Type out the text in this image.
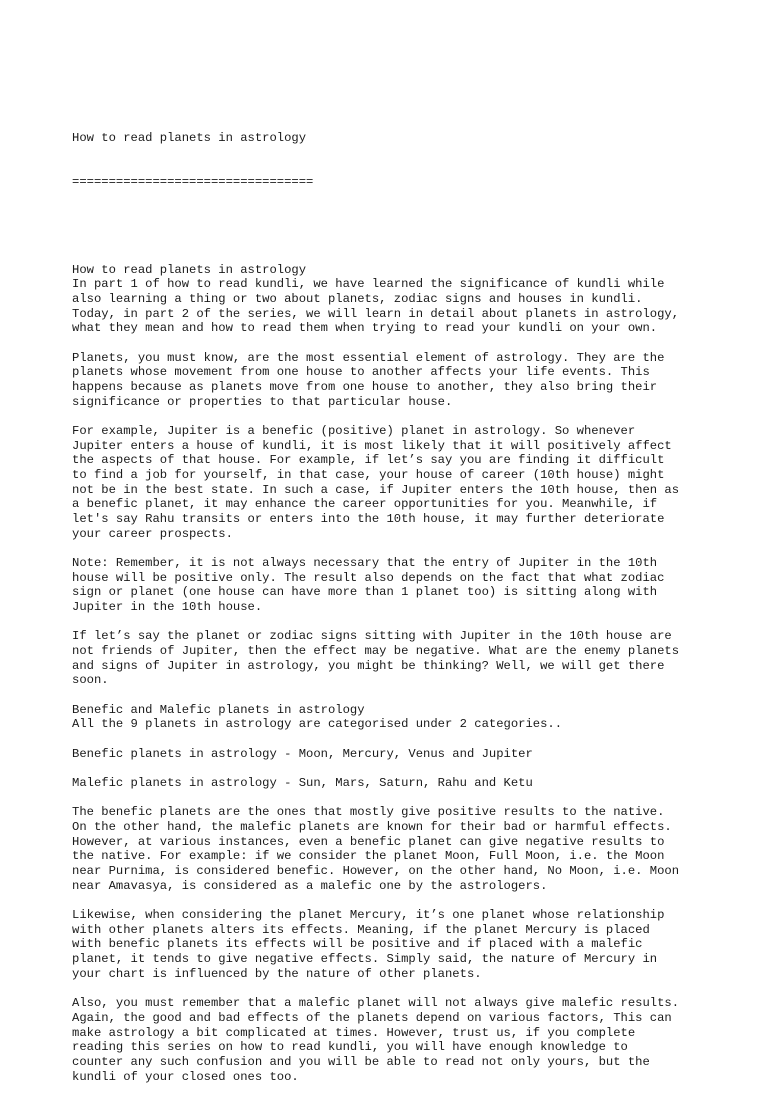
How to read planets in astrology

=================================

How to read planets in astrology
In part 1 of how to read kundli, we have learned the significance of kundli while
also learning a thing or two about planets, zodiac signs and houses in kundli.
Today, in part 2 of the series, we will learn in detail about planets in astrology,
what they mean and how to read them when trying to read your kundli on your own.
Planets, you must know, are the most essential element of astrology. They are the
planets whose movement from one house to another affects your life events. This
happens because as planets move from one house to another, they also bring their
significance or properties to that particular house.
For example, Jupiter is a benefic (positive) planet in astrology. So whenever
Jupiter enters a house of kundli, it is most likely that it will positively affect
the aspects of that house. For example, if let’s say you are finding it difficult
to find a job for yourself, in that case, your house of career (10th house) might
not be in the best state. In such a case, if Jupiter enters the 10th house, then as
a benefic planet, it may enhance the career opportunities for you. Meanwhile, if
let's say Rahu transits or enters into the 10th house, it may further deteriorate
your career prospects.
Note: Remember, it is not always necessary that the entry of Jupiter in the 10th
house will be positive only. The result also depends on the fact that what zodiac
sign or planet (one house can have more than 1 planet too) is sitting along with
Jupiter in the 10th house.
If let’s say the planet or zodiac signs sitting with Jupiter in the 10th house are
not friends of Jupiter, then the effect may be negative. What are the enemy planets
and signs of Jupiter in astrology, you might be thinking? Well, we will get there
soon.
Benefic and Malefic planets in astrology
All the 9 planets in astrology are categorised under 2 categories..
Benefic planets in astrology - Moon, Mercury, Venus and Jupiter
Malefic planets in astrology - Sun, Mars, Saturn, Rahu and Ketu
The benefic planets are the ones that mostly give positive results to the native.
On the other hand, the malefic planets are known for their bad or harmful effects.
However, at various instances, even a benefic planet can give negative results to
the native. For example: if we consider the planet Moon, Full Moon, i.e. the Moon
near Purnima, is considered benefic. However, on the other hand, No Moon, i.e. Moon
near Amavasya, is considered as a malefic one by the astrologers.
Likewise, when considering the planet Mercury, it’s one planet whose relationship
with other planets alters its effects. Meaning, if the planet Mercury is placed
with benefic planets its effects will be positive and if placed with a malefic
planet, it tends to give negative effects. Simply said, the nature of Mercury in
your chart is influenced by the nature of other planets.
Also, you must remember that a malefic planet will not always give malefic results.
Again, the good and bad effects of the planets depend on various factors, This can
make astrology a bit complicated at times. However, trust us, if you complete
reading this series on how to read kundli, you will have enough knowledge to
counter any such confusion and you will be able to read not only yours, but the
kundli of your closed ones too.
